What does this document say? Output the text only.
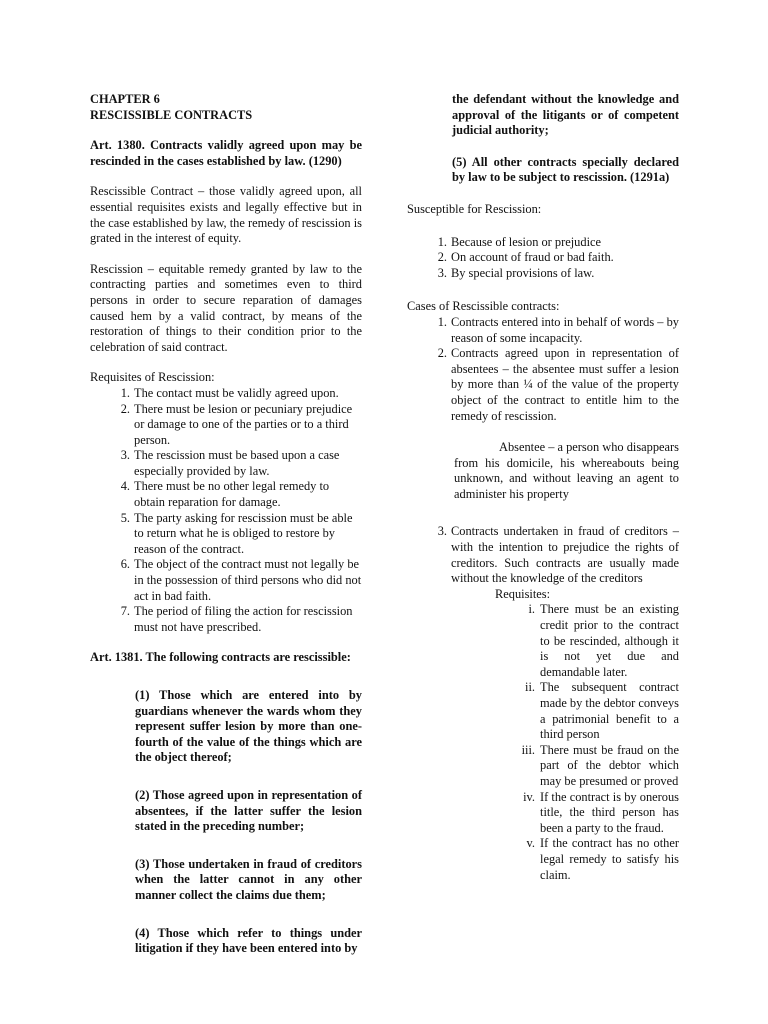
CHAPTER 6

RESCISSIBLE CONTRACTS

Art. 1380. Contracts validly agreed upon may be rescinded in the cases established by law. (1290)

Rescissible Contract – those validly agreed upon, all essential requisites exists and legally effective but in the case established by law, the remedy of rescission is grated in the interest of equity.

Rescission – equitable remedy granted by law to the contracting parties and sometimes even to third persons in order to secure reparation of damages caused hem by a valid contract, by means of the restoration of things to their condition prior to the celebration of said contract.

Requisites of Rescission:

1. The contact must be validly agreed upon.
2. There must be lesion or pecuniary prejudice or damage to one of the parties or to a third person.
3. The rescission must be based upon a case especially provided by law.
4. There must be no other legal remedy to obtain reparation for damage.
5. The party asking for rescission must be able to return what he is obliged to restore by reason of the contract.
6. The object of the contract must not legally be in the possession of third persons who did not act in bad faith.
7. The period of filing the action for rescission must not have prescribed.

Art. 1381. The following contracts are rescissible:

(1) Those which are entered into by guardians whenever the wards whom they represent suffer lesion by more than one-fourth of the value of the things which are the object thereof;

(2) Those agreed upon in representation of absentees, if the latter suffer the lesion stated in the preceding number;

(3) Those undertaken in fraud of creditors when the latter cannot in any other manner collect the claims due them;

(4) Those which refer to things under litigation if they have been entered into by

the defendant without the knowledge and approval of the litigants or of competent judicial authority;

(5) All other contracts specially declared by law to be subject to rescission. (1291a)

Susceptible for Rescission:

1. Because of lesion or prejudice
2. On account of fraud or bad faith.
3. By special provisions of law.

Cases of Rescissible contracts:

1. Contracts entered into in behalf of words – by reason of some incapacity.
2. Contracts agreed upon in representation of absentees – the absentee must suffer a lesion by more than ¼ of the value of the property object of the contract to entitle him to the remedy of rescission.

Absentee – a person who disappears from his domicile, his whereabouts being unknown, and without leaving an agent to administer his property

3. Contracts undertaken in fraud of creditors – with the intention to prejudice the rights of creditors. Such contracts are usually made without the knowledge of the creditors

Requisites:

i. There must be an existing credit prior to the contract to be rescinded, although it is not yet due and demandable later.
ii. The subsequent contract made by the debtor conveys a patrimonial benefit to a third person
iii. There must be fraud on the part of the debtor which may be presumed or proved
iv. If the contract is by onerous title, the third person has been a party to the fraud.
v. If the contract has no other legal remedy to satisfy his claim.
